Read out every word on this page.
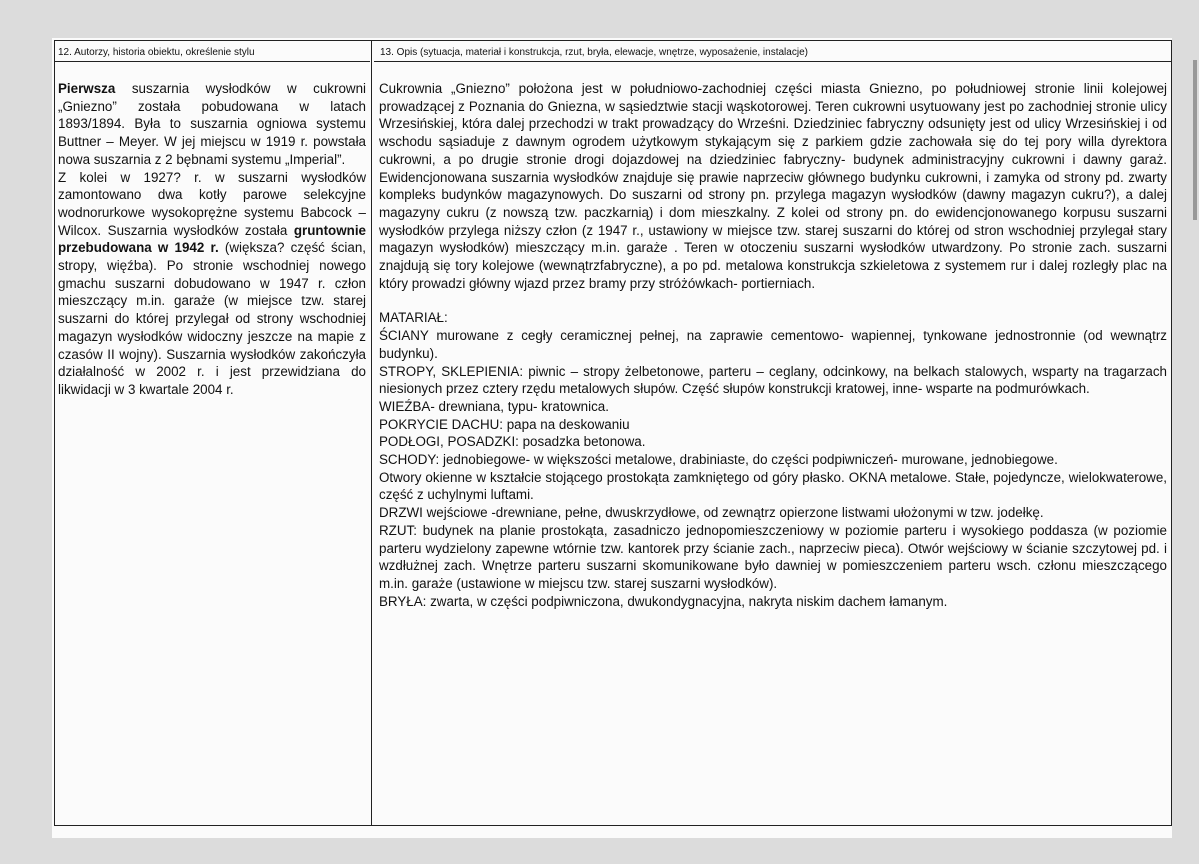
12. Autorzy, historia obiektu, określenie stylu	13. Opis (sytuacja, materiał i konstrukcja, rzut, bryła, elewacje, wnętrze, wyposażenie, instalacje)

Pierwsza suszarnia wysłodków w cukrowni „Gniezno” została pobudowana w latach 1893/1894. Była to suszarnia ogniowa systemu Buttner – Meyer. W jej miejscu w 1919 r. powstała nowa suszarnia z 2 bębnami systemu „Imperial”.

Z kolei w 1927? r. w suszarni wysłodków zamontowano dwa kotły parowe selekcyjne wodnorurkowe wysokoprężne systemu Babcock – Wilcox. Suszarnia wysłodków została gruntownie przebudowana w 1942 r. (większa? część ścian, stropy, więźba). Po stronie wschodniej nowego gmachu suszarni dobudowano w 1947 r. człon mieszczący m.in. garaże (w miejsce tzw. starej suszarni do której przylegał od strony wschodniej magazyn wysłodków widoczny jeszcze na mapie z czasów II wojny). Suszarnia wysłodków zakończyła działalność w 2002 r. i jest przewidziana do likwidacji w 3 kwartale 2004 r.

Cukrownia „Gniezno” położona jest w południowo-zachodniej części miasta Gniezno, po południowej stronie linii kolejowej prowadzącej z Poznania do Gniezna, w sąsiedztwie stacji wąskotorowej. Teren cukrowni usytuowany jest po zachodniej stronie ulicy Wrzesińskiej, która dalej przechodzi w trakt prowadzący do Wrześni. Dziedziniec fabryczny odsunięty jest od ulicy Wrzesińskiej i od wschodu sąsiaduje z dawnym ogrodem użytkowym stykającym się z parkiem gdzie zachowała się do tej pory willa dyrektora cukrowni, a po drugie stronie drogi dojazdowej na dziedziniec fabryczny- budynek administracyjny cukrowni i dawny garaż. Ewidencjonowana suszarnia wysłodków znajduje się prawie naprzeciw głównego budynku cukrowni, i zamyka od strony pd. zwarty kompleks budynków magazynowych. Do suszarni od strony pn. przylega magazyn wysłodków (dawny magazyn cukru?), a dalej magazyny cukru (z nowszą tzw. paczkarnią) i dom mieszkalny. Z kolei od strony pn. do ewidencjonowanego korpusu suszarni wysłodków przylega niższy człon (z 1947 r., ustawiony w miejsce tzw. starej suszarni do której od stron wschodniej przylegał stary magazyn wysłodków) mieszczący m.in. garaże . Teren w otoczeniu suszarni wysłodków utwardzony. Po stronie zach. suszarni znajdują się tory kolejowe (wewnątrzfabryczne), a po pd. metalowa konstrukcja szkieletowa z systemem rur i dalej rozległy plac na który prowadzi główny wjazd przez bramy przy stróżówkach- portierniach.

MATARIAŁ:

ŚCIANY murowane z cegły ceramicznej pełnej, na zaprawie cementowo- wapiennej, tynkowane jednostronnie (od wewnątrz budynku).

STROPY, SKLEPIENIA: piwnic – stropy żelbetonowe, parteru – ceglany, odcinkowy, na belkach stalowych, wsparty na tragarzach niesionych przez cztery rzędu metalowych słupów. Część słupów konstrukcji kratowej, inne- wsparte na podmurówkach.

WIEŹBA- drewniana, typu- kratownica.

POKRYCIE DACHU: papa na deskowaniu

PODŁOGI, POSADZKI: posadzka betonowa.

SCHODY: jednobiegowe- w większości metalowe, drabiniaste, do części podpiwniczeń- murowane, jednobiegowe.

Otwory okienne w kształcie stojącego prostokąta zamkniętego od góry płasko. OKNA metalowe. Stałe, pojedyncze, wielokwaterowe, część z uchylnymi luftami.

DRZWI wejściowe -drewniane, pełne, dwuskrzydłowe, od zewnątrz opierzone listwami ułożonymi w tzw. jodełkę.

RZUT: budynek na planie prostokąta, zasadniczo jednopomieszczeniowy w poziomie parteru i wysokiego poddasza (w poziomie parteru wydzielony zapewne wtórnie tzw. kantorek przy ścianie zach., naprzeciw pieca). Otwór wejściowy w ścianie szczytowej pd. i wzdłużnej zach. Wnętrze parteru suszarni skomunikowane było dawniej w pomieszczeniem parteru wsch. członu mieszczącego m.in. garaże (ustawione w miejscu tzw. starej suszarni wysłodków).

BRYŁA: zwarta, w części podpiwniczona, dwukondygnacyjna, nakryta niskim dachem łamanym.
